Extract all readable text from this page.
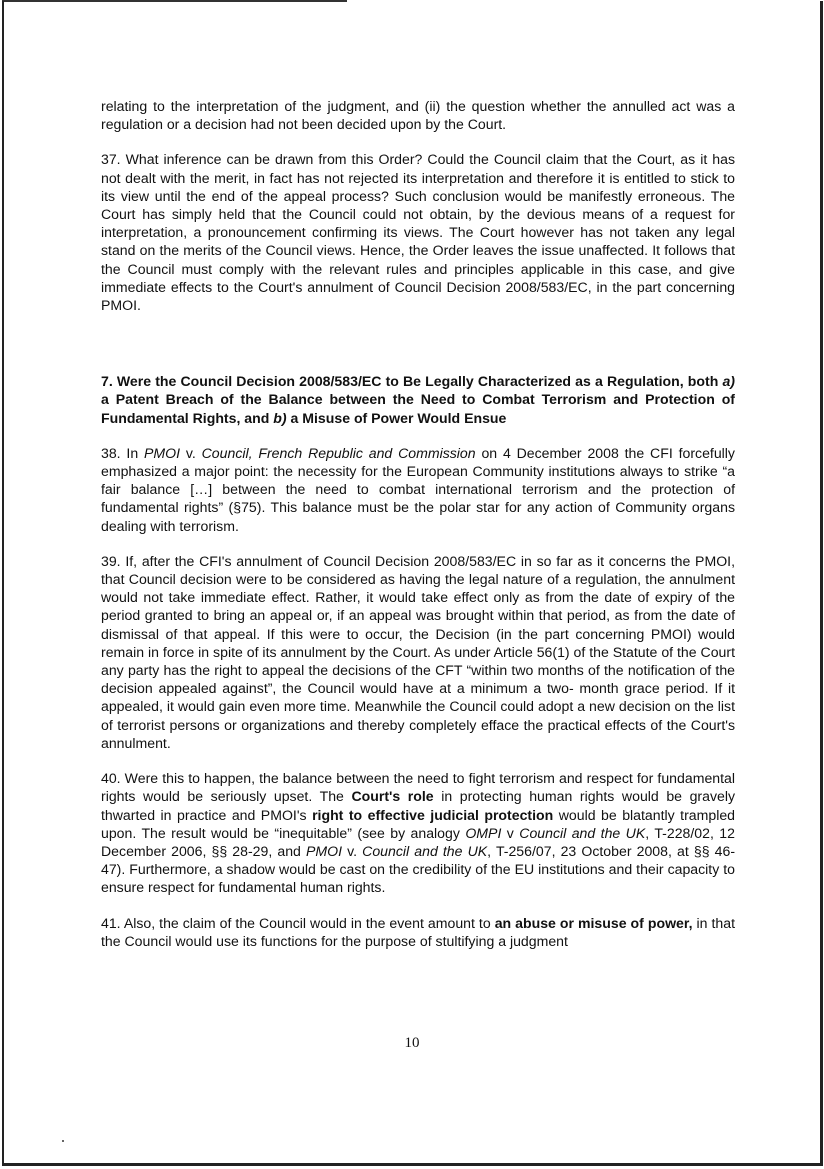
relating to the interpretation of the judgment, and (ii) the question whether the annulled act was a regulation or a decision had not been decided upon by the Court.

37. What inference can be drawn from this Order? Could the Council claim that the Court, as it has not dealt with the merit, in fact has not rejected its interpretation and therefore it is entitled to stick to its view until the end of the appeal process? Such conclusion would be manifestly erroneous. The Court has simply held that the Council could not obtain, by the devious means of a request for interpretation, a pronouncement confirming its views. The Court however has not taken any legal stand on the merits of the Council views. Hence, the Order leaves the issue unaffected. It follows that the Council must comply with the relevant rules and principles applicable in this case, and give immediate effects to the Court's annulment of Council Decision 2008/583/EC, in the part concerning PMOI.

7. Were the Council Decision 2008/583/EC to Be Legally Characterized as a Regulation, both a) a Patent Breach of the Balance between the Need to Combat Terrorism and Protection of Fundamental Rights, and b) a Misuse of Power Would Ensue

38. In PMOI v. Council, French Republic and Commission on 4 December 2008 the CFI forcefully emphasized a major point: the necessity for the European Community institutions always to strike “a fair balance […] between the need to combat international terrorism and the protection of fundamental rights” (§75). This balance must be the polar star for any action of Community organs dealing with terrorism.

39. If, after the CFI's annulment of Council Decision 2008/583/EC in so far as it concerns the PMOI, that Council decision were to be considered as having the legal nature of a regulation, the annulment would not take immediate effect. Rather, it would take effect only as from the date of expiry of the period granted to bring an appeal or, if an appeal was brought within that period, as from the date of dismissal of that appeal. If this were to occur, the Decision (in the part concerning PMOI) would remain in force in spite of its annulment by the Court. As under Article 56(1) of the Statute of the Court any party has the right to appeal the decisions of the CFT “within two months of the notification of the decision appealed against”, the Council would have at a minimum a two- month grace period. If it appealed, it would gain even more time. Meanwhile the Council could adopt a new decision on the list of terrorist persons or organizations and thereby completely efface the practical effects of the Court's annulment.

40. Were this to happen, the balance between the need to fight terrorism and respect for fundamental rights would be seriously upset. The Court's role in protecting human rights would be gravely thwarted in practice and PMOI's right to effective judicial protection would be blatantly trampled upon. The result would be “inequitable” (see by analogy OMPI v Council and the UK, T-228/02, 12 December 2006, §§ 28-29, and PMOI v. Council and the UK, T-256/07, 23 October 2008, at §§ 46-47). Furthermore, a shadow would be cast on the credibility of the EU institutions and their capacity to ensure respect for fundamental human rights.

41. Also, the claim of the Council would in the event amount to an abuse or misuse of power, in that the Council would use its functions for the purpose of stultifying a judgment

10
